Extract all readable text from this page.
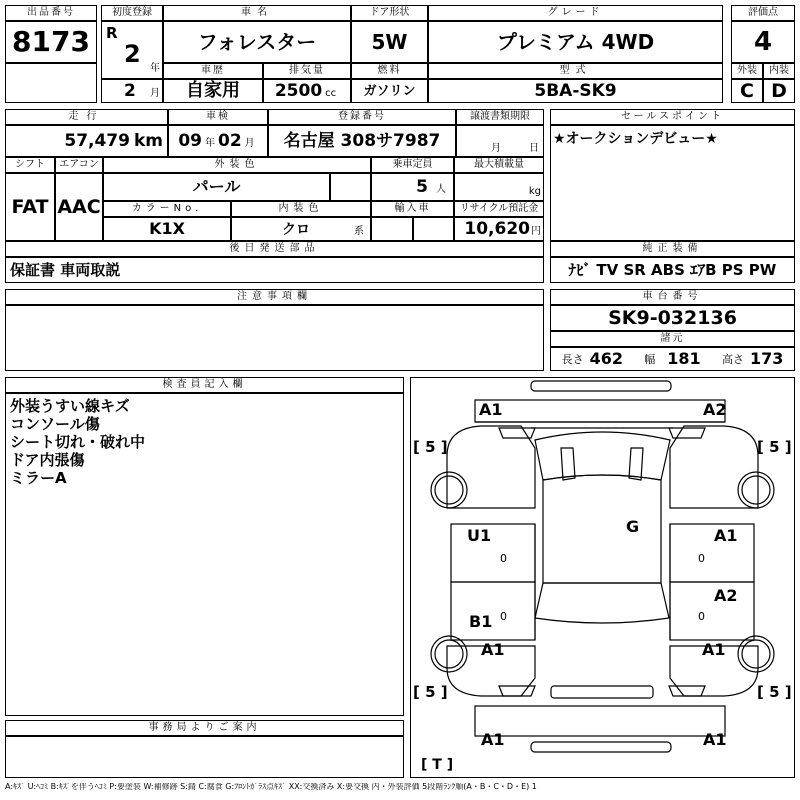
出品番号
8173
初度登録
R
2
年
2 月
車名
フォレスター
ドア形状
5W
グレード
プレミアム 4WD
評価点
4
車歴
自家用
排気量
2500 cc
燃料
ガソリン
型式
5BA-SK9
外装	内装
C D
走行
57,479 km
車検
09 年 02 月
登録番号
名古屋 308サ7987
譲渡書類期限
月	日
セールスポイント
★オークションデビュー★
シフト
FAT
エアコン
AAC
外装色
パール
乗車定員
5 人
最大積載量
kg
カラーNo.
K1X
内装色
クロ	系
輸入車	リサイクル預託金
10,620 円
後日発送部品
保証書 車両取説
純正装備
ﾅﾋﾞ TV SR ABS ｴｱB PS PW
注意事項欄	車台番号
SK9-032136
諸元
長さ 462 幅 181 高さ 173
検査員記入欄
外装うすい線キズ
コンソール傷
シート切れ・破れ中
ドア内張傷
ミラーA
事務局よりご案内
A1	A2
[ 5 ]	[ 5 ]
G
U1	A1
0	0
A2
0
B1 0
A1	A1
[ 5 ]	[ 5 ]
A1	A1
[ T ]
A:ｷｽﾞ U:ﾍｺﾐ B:ｷｽﾞを伴うﾍｺﾐ P:要塗装 W:補修跡 S:錆 C:腐食 G:ﾌﾛﾝﾄｶﾞﾗｽ点ｷｽﾞ XX:交換済み X:要交換 内・外装評価 5段階ﾗﾝｸ順(A・B・C・D・E) 1
